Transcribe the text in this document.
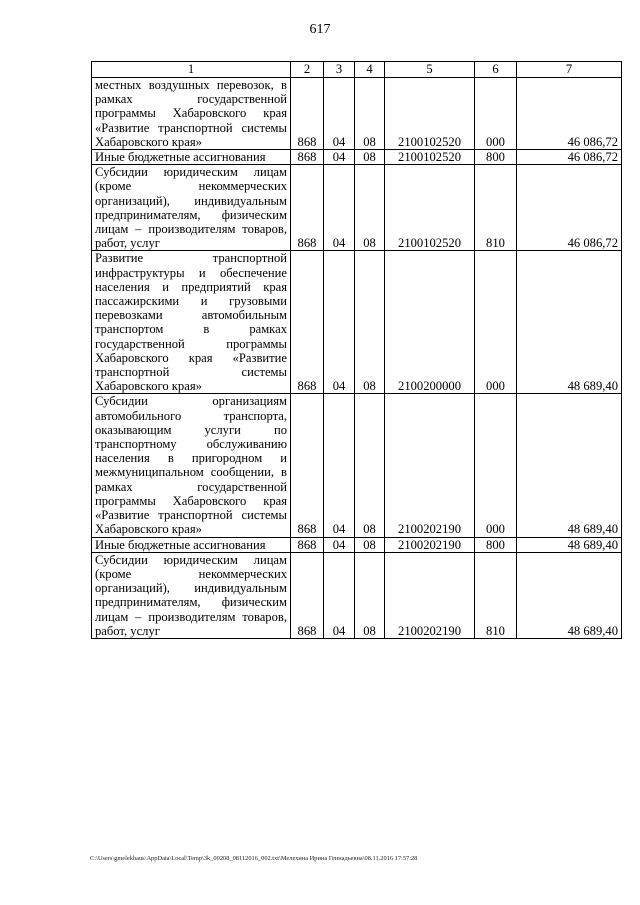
617
1	2	3	4	5	6	7
местных воздушных перевозок, в рамках государственной программы Хабаровского края «Развитие транспортной системы Хабаровского края»	868	04	08	2100102520	000	46 086,72
Иные бюджетные ассигнования	868	04	08	2100102520	800	46 086,72
Субсидии юридическим лицам (кроме некоммерческих организаций), индивидуальным предпринимателям, физическим лицам – производителям товаров, работ, услуг	868	04	08	2100102520	810	46 086,72
Развитие транспортной инфраструктуры и обеспечение населения и предприятий края пассажирскими и грузовыми перевозками автомобильным транспортом в рамках государственной программы Хабаровского края «Развитие транспортной системы Хабаровского края»	868	04	08	2100200000	000	48 689,40
Субсидии организациям автомобильного транспорта, оказывающим услуги по транспортному обслуживанию населения в пригородном и межмуниципальном сообщении, в рамках государственной программы Хабаровского края «Развитие транспортной системы Хабаровского края»	868	04	08	2100202190	000	48 689,40
Иные бюджетные ассигнования	868	04	08	2100202190	800	48 689,40
Субсидии юридическим лицам (кроме некоммерческих организаций), индивидуальным предпринимателям, физическим лицам – производителям товаров, работ, услуг	868	04	08	2100202190	810	48 689,40
C:\Users\gmelekhaus\AppData\Local\Temp\3k_00208_08112016_002.txt\Мелехина Ирина Геннадьевна\08.11.2016 17:57:28
